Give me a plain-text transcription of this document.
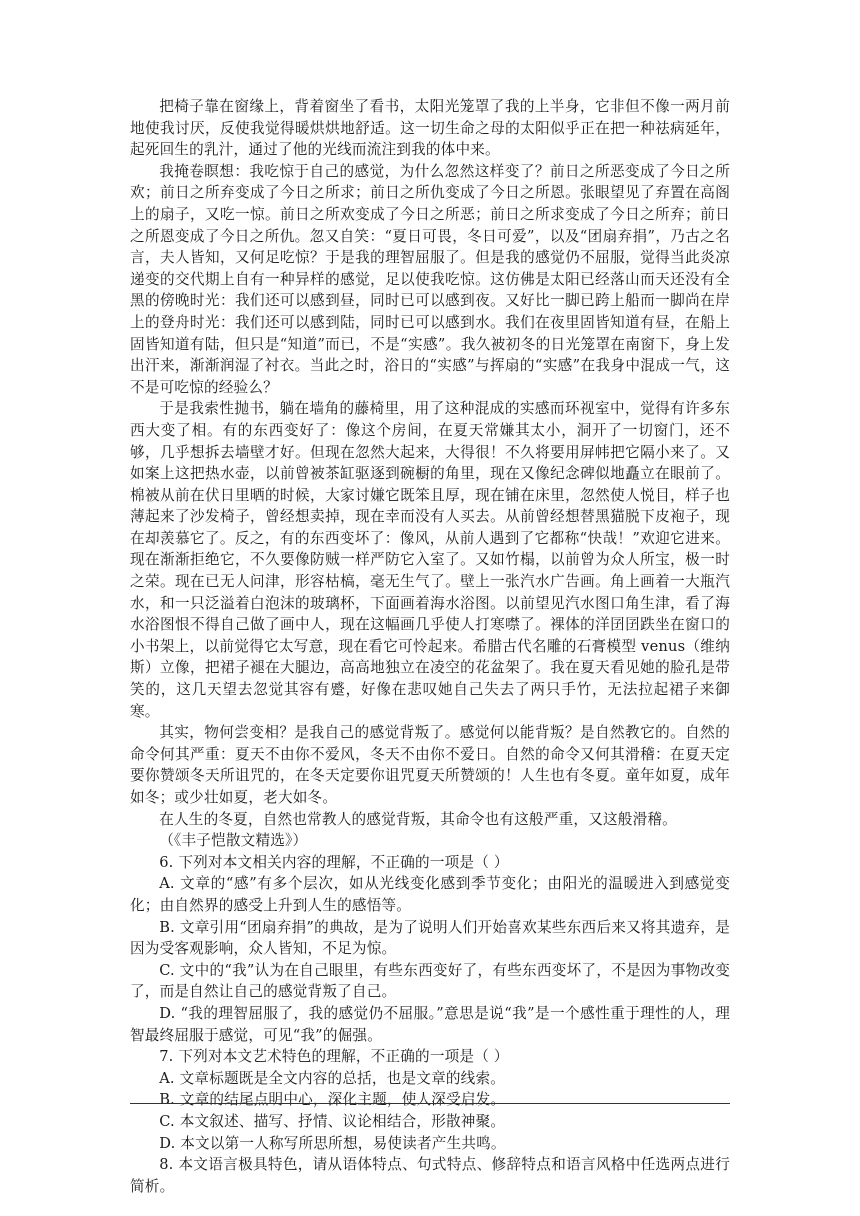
把椅子靠在窗缘上，背着窗坐了看书，太阳光笼罩了我的上半身，它非但不像一两月前地使我讨厌，反使我觉得暖烘烘地舒适。这一切生命之母的太阳似乎正在把一种祛病延年，起死回生的乳汁，通过了他的光线而流注到我的体中来。

我掩卷瞑想：我吃惊于自己的感觉，为什么忽然这样变了？前日之所恶变成了今日之所欢；前日之所弃变成了今日之所求；前日之所仇变成了今日之所恩。张眼望见了弃置在高阁上的扇子，又吃一惊。前日之所欢变成了今日之所恶；前日之所求变成了今日之所弃；前日之所恩变成了今日之所仇。忽又自笑：“夏日可畏，冬日可爱”，以及“团扇弃捐”，乃古之名言，夫人皆知，又何足吃惊？于是我的理智屈服了。但是我的感觉仍不屈服，觉得当此炎凉递变的交代期上自有一种异样的感觉，足以使我吃惊。这仿佛是太阳已经落山而天还没有全黑的傍晚时光：我们还可以感到昼，同时已可以感到夜。又好比一脚已跨上船而一脚尚在岸上的登舟时光：我们还可以感到陆，同时已可以感到水。我们在夜里固皆知道有昼，在船上固皆知道有陆，但只是“知道”而已，不是“实感”。我久被初冬的日光笼罩在南窗下，身上发出汗来，渐渐润湿了衬衣。当此之时，浴日的“实感”与挥扇的“实感”在我身中混成一气，这不是可吃惊的经验么？

于是我索性抛书，躺在墙角的藤椅里，用了这种混成的实感而环视室中，觉得有许多东西大变了相。有的东西变好了：像这个房间，在夏天常嫌其太小，洞开了一切窗门，还不够，几乎想拆去墙壁才好。但现在忽然大起来，大得很！不久将要用屏帏把它隔小来了。又如案上这把热水壶，以前曾被茶缸驱逐到碗橱的角里，现在又像纪念碑似地矗立在眼前了。棉被从前在伏日里晒的时候，大家讨嫌它既笨且厚，现在铺在床里，忽然使人悦目，样子也薄起来了沙发椅子，曾经想卖掉，现在幸而没有人买去。从前曾经想替黑猫脱下皮袍子，现在却羡慕它了。反之，有的东西变坏了：像风，从前人遇到了它都称“快哉！”欢迎它进来。现在渐渐拒绝它，不久要像防贼一样严防它入室了。又如竹榻，以前曾为众人所宝，极一时之荣。现在已无人问津，形容枯槁，毫无生气了。壁上一张汽水广告画。角上画着一大瓶汽水，和一只泛溢着白泡沫的玻璃杯，下面画着海水浴图。以前望见汽水图口角生津，看了海水浴图恨不得自己做了画中人，现在这幅画几乎使人打寒噤了。裸体的洋囝囝跌坐在窗口的小书架上，以前觉得它太写意，现在看它可怜起来。希腊古代名雕的石膏模型 venus（维纳斯）立像，把裙子褪在大腿边，高高地独立在凌空的花盆架了。我在夏天看见她的脸孔是带笑的，这几天望去忽觉其容有蹙，好像在悲叹她自己失去了两只手竹，无法拉起裙子来御寒。

其实，物何尝变相？是我自己的感觉背叛了。感觉何以能背叛？是自然教它的。自然的命令何其严重：夏天不由你不爱风，冬天不由你不爱日。自然的命令又何其滑稽：在夏天定要你赞颂冬天所诅咒的，在冬天定要你诅咒夏天所赞颂的！人生也有冬夏。童年如夏，成年如冬；或少壮如夏，老大如冬。

在人生的冬夏，自然也常教人的感觉背叛，其命令也有这般严重，又这般滑稽。

（《丰子恺散文精选》）

6. 下列对本文相关内容的理解，不正确的一项是（ ）

A. 文章的“感”有多个层次，如从光线变化感到季节变化；由阳光的温暖进入到感觉变化；由自然界的感受上升到人生的感悟等。

B. 文章引用“团扇弃捐”的典故，是为了说明人们开始喜欢某些东西后来又将其遗弃，是因为受客观影响，众人皆知，不足为惊。

C. 文中的“我”认为在自己眼里，有些东西变好了，有些东西变坏了，不是因为事物改变了，而是自然让自己的感觉背叛了自己。

D. “我的理智屈服了，我的感觉仍不屈服。”意思是说“我”是一个感性重于理性的人，理智最终屈服于感觉，可见“我”的倔强。

7. 下列对本文艺术特色的理解，不正确的一项是（ ）

A. 文章标题既是全文内容的总括，也是文章的线索。

B. 文章的结尾点明中心，深化主题，使人深受启发。

C. 本文叙述、描写、抒情、议论相结合，形散神聚。

D. 本文以第一人称写所思所想，易使读者产生共鸣。

8. 本文语言极具特色，请从语体特点、句式特点、修辞特点和语言风格中任选两点进行简析。
